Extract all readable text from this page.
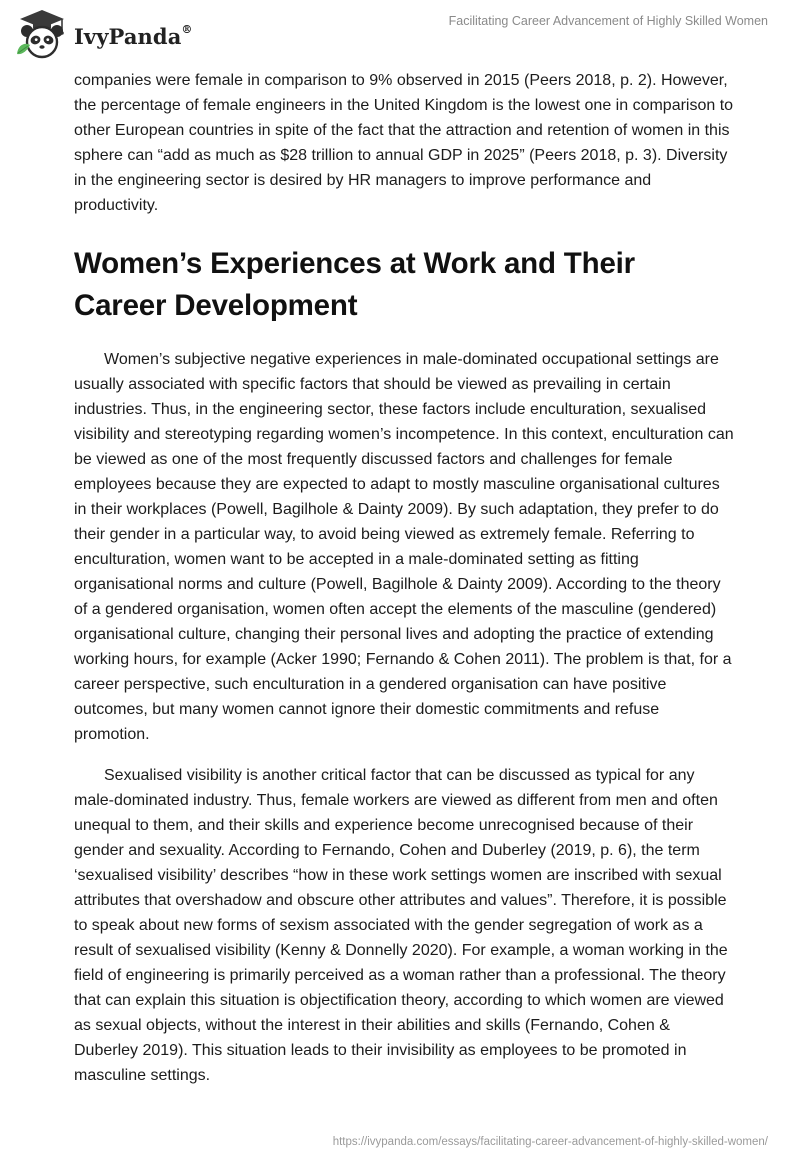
IvyPanda®
Facilitating Career Advancement of Highly Skilled Women

companies were female in comparison to 9% observed in 2015 (Peers 2018, p. 2). However, the percentage of female engineers in the United Kingdom is the lowest one in comparison to other European countries in spite of the fact that the attraction and retention of women in this sphere can “add as much as $28 trillion to annual GDP in 2025” (Peers 2018, p. 3). Diversity in the engineering sector is desired by HR managers to improve performance and productivity.

Women’s Experiences at Work and Their Career Development

Women’s subjective negative experiences in male-dominated occupational settings are usually associated with specific factors that should be viewed as prevailing in certain industries. Thus, in the engineering sector, these factors include enculturation, sexualised visibility and stereotyping regarding women’s incompetence. In this context, enculturation can be viewed as one of the most frequently discussed factors and challenges for female employees because they are expected to adapt to mostly masculine organisational cultures in their workplaces (Powell, Bagilhole & Dainty 2009). By such adaptation, they prefer to do their gender in a particular way, to avoid being viewed as extremely female. Referring to enculturation, women want to be accepted in a male-dominated setting as fitting organisational norms and culture (Powell, Bagilhole & Dainty 2009). According to the theory of a gendered organisation, women often accept the elements of the masculine (gendered) organisational culture, changing their personal lives and adopting the practice of extending working hours, for example (Acker 1990; Fernando & Cohen 2011). The problem is that, for a career perspective, such enculturation in a gendered organisation can have positive outcomes, but many women cannot ignore their domestic commitments and refuse promotion.

Sexualised visibility is another critical factor that can be discussed as typical for any male-dominated industry. Thus, female workers are viewed as different from men and often unequal to them, and their skills and experience become unrecognised because of their gender and sexuality. According to Fernando, Cohen and Duberley (2019, p. 6), the term ‘sexualised visibility’ describes “how in these work settings women are inscribed with sexual attributes that overshadow and obscure other attributes and values”. Therefore, it is possible to speak about new forms of sexism associated with the gender segregation of work as a result of sexualised visibility (Kenny & Donnelly 2020). For example, a woman working in the field of engineering is primarily perceived as a woman rather than a professional. The theory that can explain this situation is objectification theory, according to which women are viewed as sexual objects, without the interest in their abilities and skills (Fernando, Cohen & Duberley 2019). This situation leads to their invisibility as employees to be promoted in masculine settings.

https://ivypanda.com/essays/facilitating-career-advancement-of-highly-skilled-women/
